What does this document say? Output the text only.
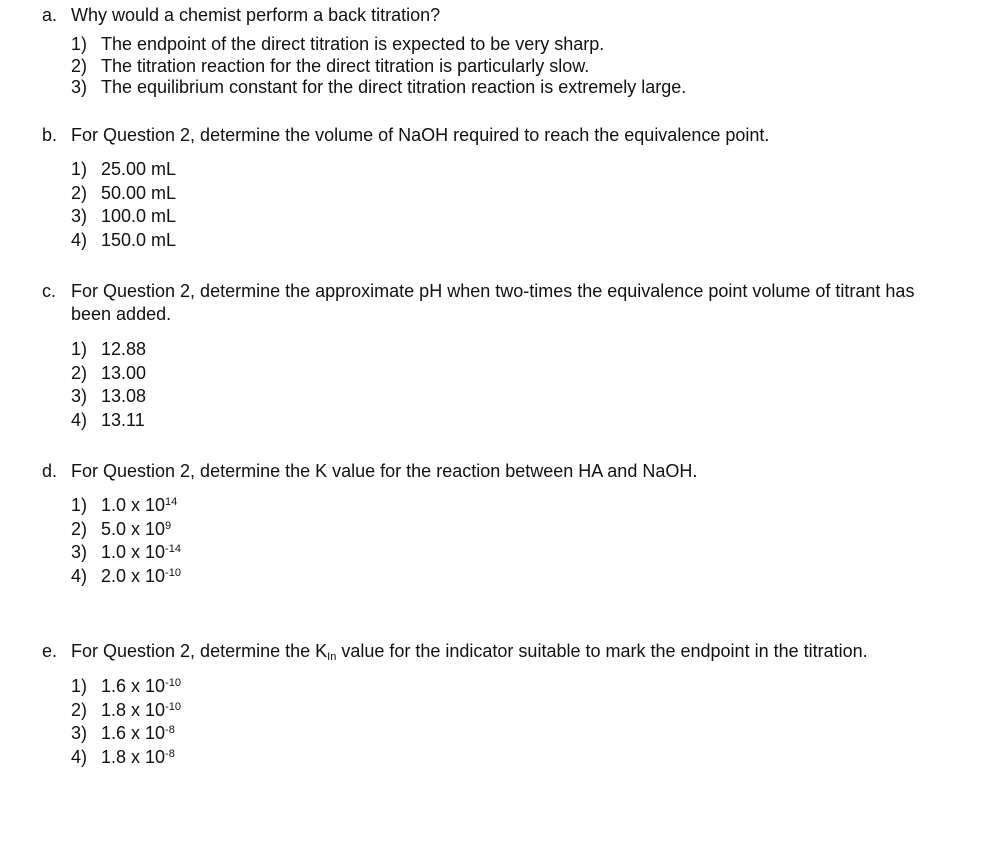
a. Why would a chemist perform a back titration?
1) The endpoint of the direct titration is expected to be very sharp.
2) The titration reaction for the direct titration is particularly slow.
3) The equilibrium constant for the direct titration reaction is extremely large.
b. For Question 2, determine the volume of NaOH required to reach the equivalence point.
1) 25.00 mL
2) 50.00 mL
3) 100.0 mL
4) 150.0 mL
c. For Question 2, determine the approximate pH when two-times the equivalence point volume of titrant has been added.
1) 12.88
2) 13.00
3) 13.08
4) 13.11
d. For Question 2, determine the K value for the reaction between HA and NaOH.
1) 1.0 x $10^{14}$
2) 5.0 x $10^9$
3) 1.0 x $10^{-14}$
4) 2.0 x $10^{-10}$
e. For Question 2, determine the $K_{In}$ value for the indicator suitable to mark the endpoint in the titration.
1) 1.6 x $10^{-10}$
2) 1.8 x $10^{-10}$
3) 1.6 x $10^{-8}$
4) 1.8 x $10^{-8}$
